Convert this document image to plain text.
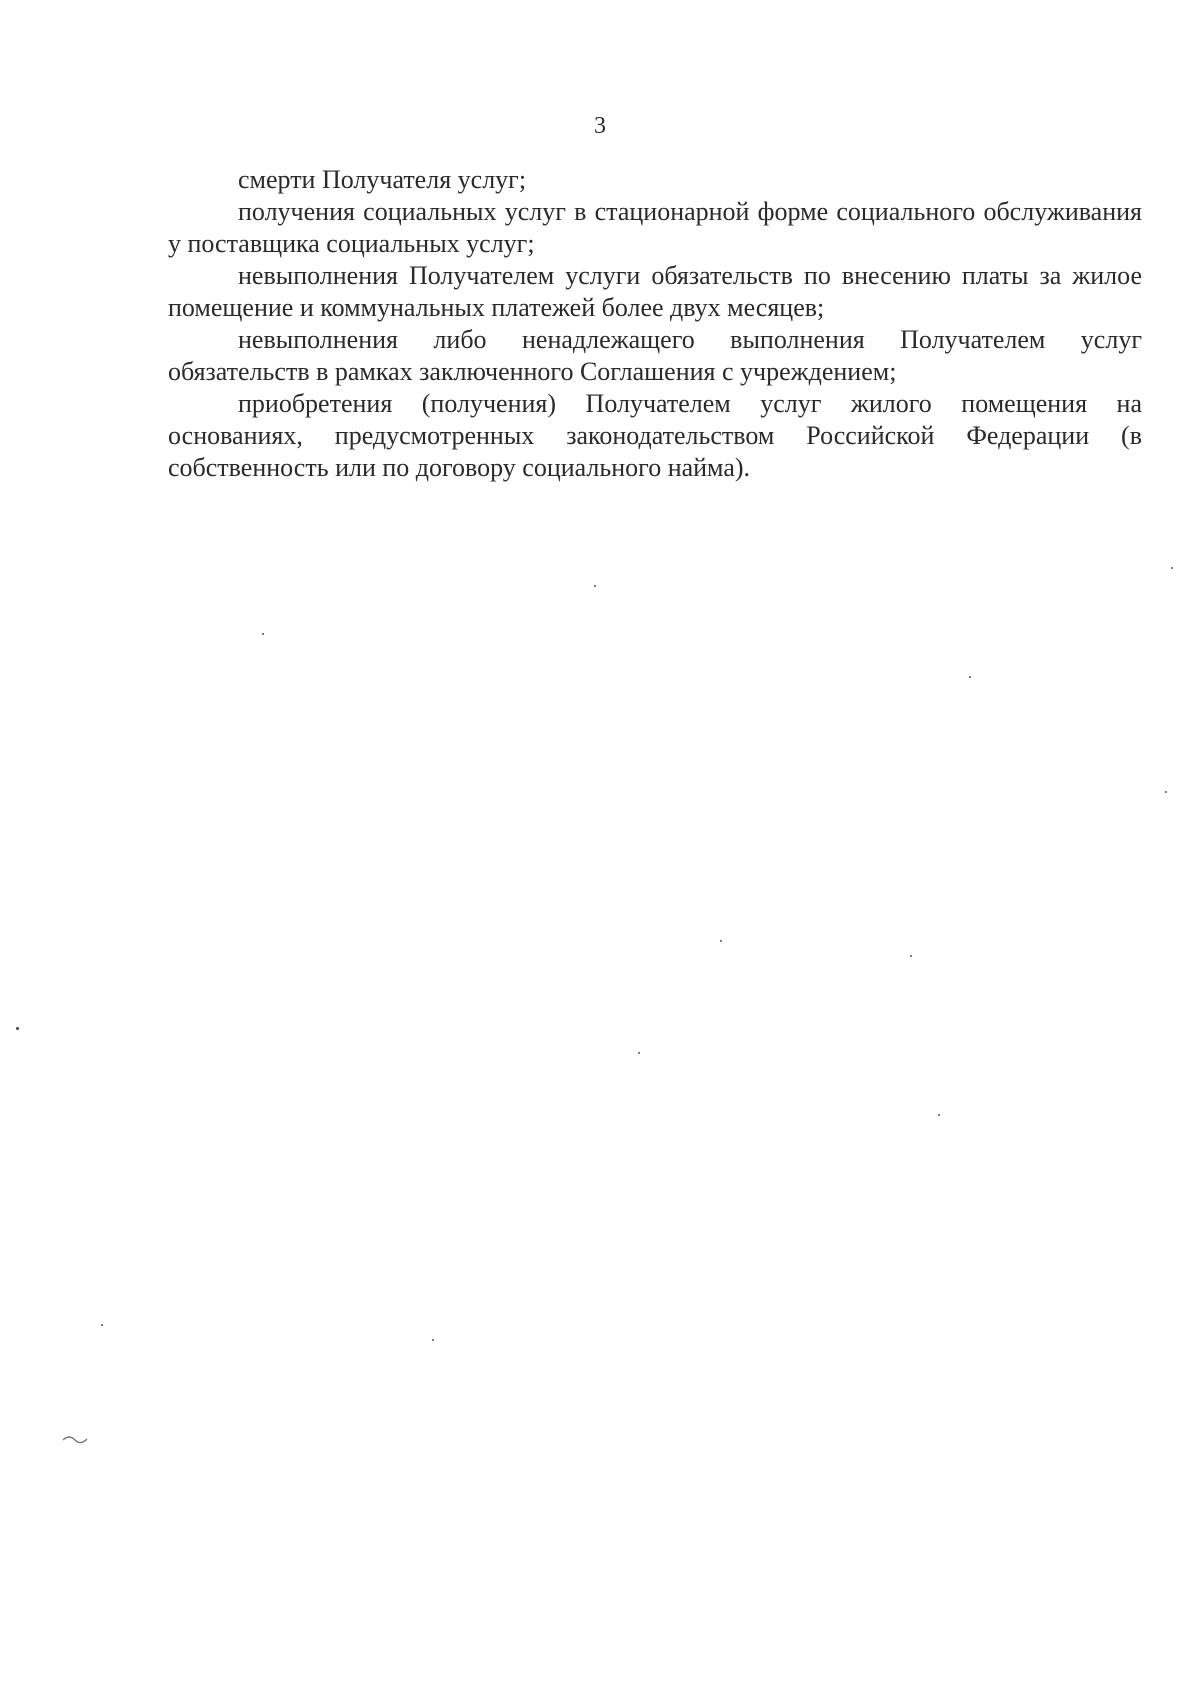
3

смерти Получателя услуг;

получения социальных услуг в стационарной форме социального обслуживания у поставщика социальных услуг;

невыполнения Получателем услуги обязательств по внесению платы за жилое помещение и коммунальных платежей более двух месяцев;

невыполнения либо ненадлежащего выполнения Получателем услуг обязательств в рамках заключенного Соглашения с учреждением;

приобретения (получения) Получателем услуг жилого помещения на основаниях, предусмотренных законодательством Российской Федерации (в собственность или по договору социального найма).
